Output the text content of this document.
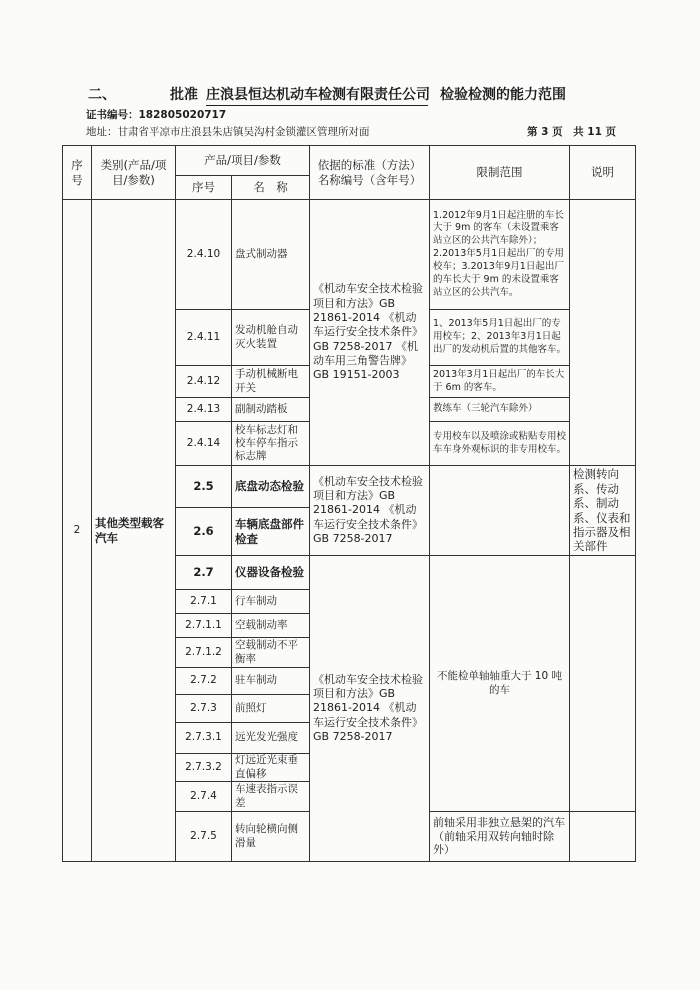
二、	批准 庄浪县恒达机动车检测有限责任公司 检验检测的能力范围
证书编号：182805020717
地址：甘肃省平凉市庄浪县朱店镇吴沟村金锁灌区管理所对面	第 3 页　共 11 页
序号	类别(产品/项目/参数)	产品/项目/参数		依据的标准（方法）名称编号（含年号）	限制范围	说明
		序号	名　称			
2	其他类型载客汽车	2.4.10	盘式制动器	《机动车安全技术检验项目和方法》GB 21861-2014 《机动车运行安全技术条件》GB 7258-2017 《机动车用三角警告牌》 GB 19151-2003	1.2012年9月1日起注册的车长大于 9m 的客车（未设置乘客站立区的公共汽车除外）；2.2013年5月1日起出厂的专用校车；3.2013年9月1日起出厂的车长大于 9m 的未设置乘客站立区的公共汽车。	
		2.4.11	发动机舱自动灭火装置		1、2013年5月1日起出厂的专用校车；2、2013年3月1日起出厂的发动机后置的其他客车。	
		2.4.12	手动机械断电开关		2013年3月1日起出厂的车长大于 6m 的客车。	
		2.4.13	副制动踏板		教练车（三轮汽车除外）	
		2.4.14	校车标志灯和校车停车指示标志牌		专用校车以及喷涂或粘贴专用校车车身外观标识的非专用校车。	
		2.5	底盘动态检验	《机动车安全技术检验项目和方法》GB 21861-2014 《机动车运行安全技术条件》GB 7258-2017		检测转向系、传动系、制动系、仪表和指示器及相关部件
		2.6	车辆底盘部件检查			
		2.7	仪器设备检验	《机动车安全技术检验项目和方法》GB 21861-2014 《机动车运行安全技术条件》GB 7258-2017	不能检单轴轴重大于 10 吨的车	
		2.7.1	行车制动			
		2.7.1.1	空载制动率			
		2.7.1.2	空载制动不平衡率			
		2.7.2	驻车制动			
		2.7.3	前照灯			
		2.7.3.1	远光发光强度			
		2.7.3.2	灯远近光束垂直偏移			
		2.7.4	车速表指示误差			
		2.7.5	转向轮横向侧滑量		前轴采用非独立悬架的汽车（前轴采用双转向轴时除外）	
